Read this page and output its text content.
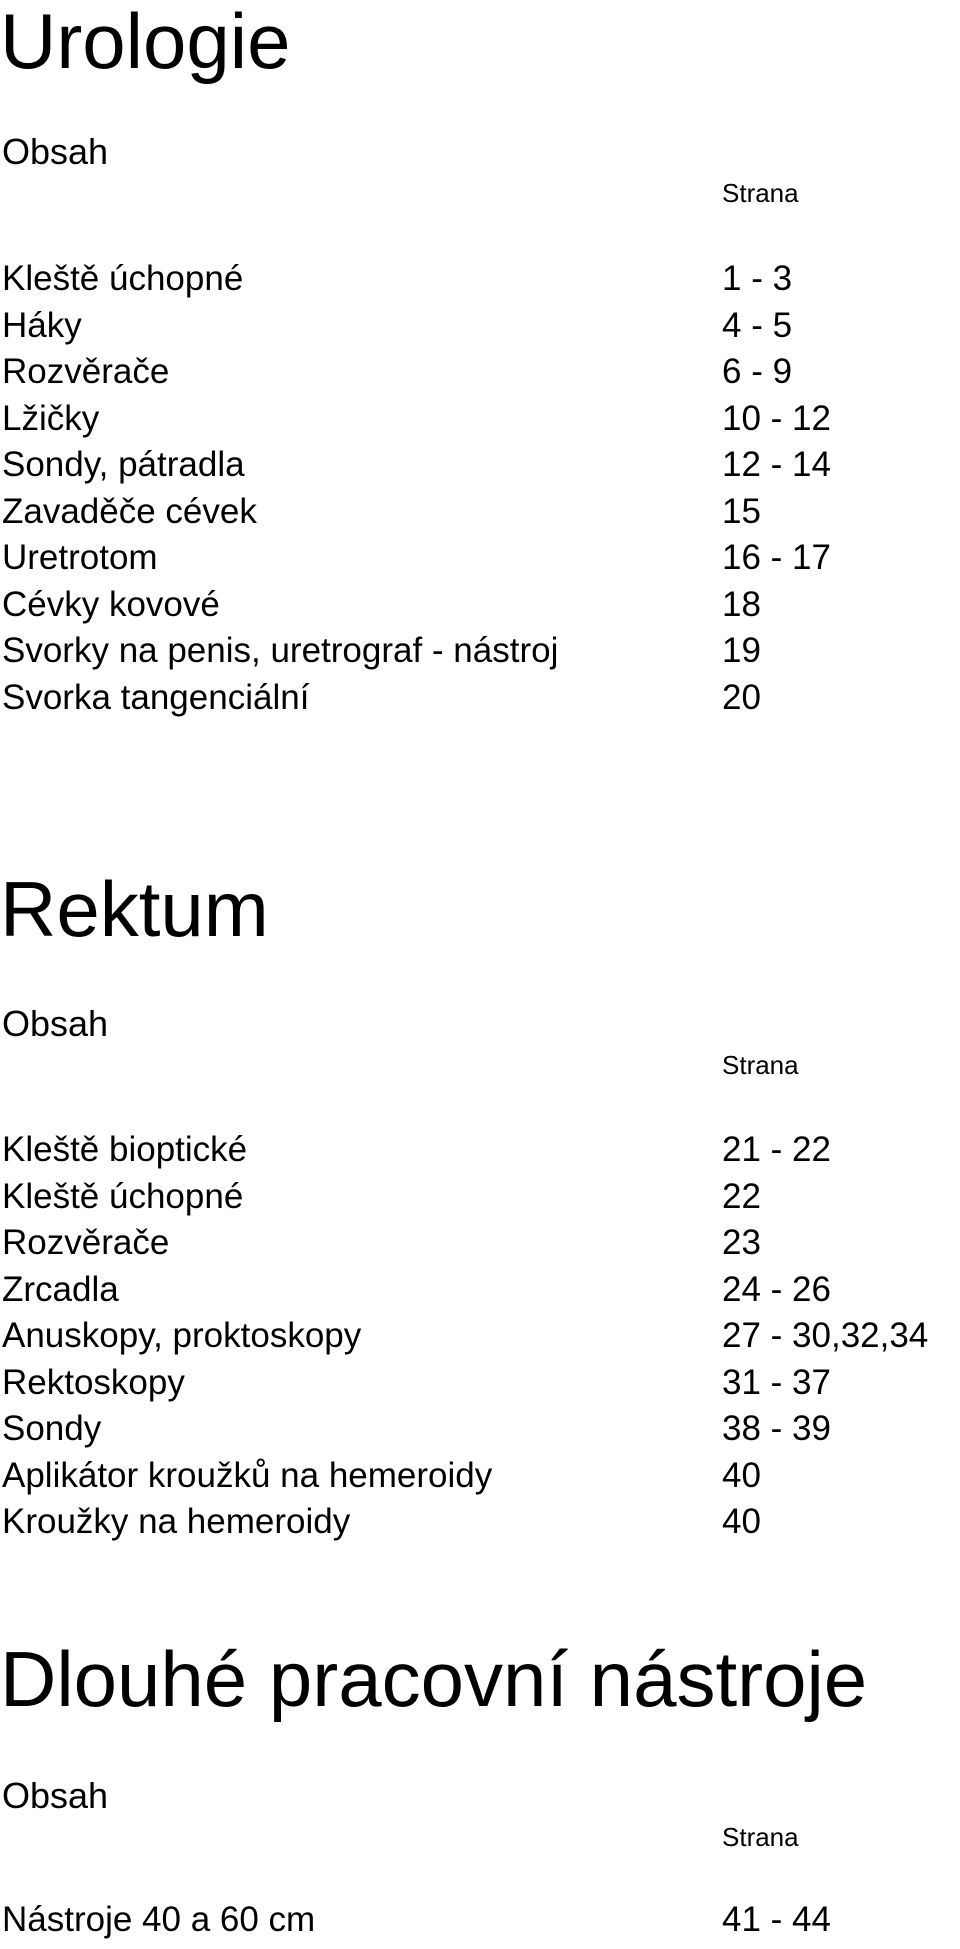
Urologie
Obsah
Strana
Kleště úchopné	1 - 3
Háky	4 - 5
Rozvěrače	6 - 9
Lžičky	10 - 12
Sondy, pátradla	12 - 14
Zavaděče cévek	15
Uretrotom	16 - 17
Cévky kovové	18
Svorky na penis, uretrograf - nástroj	19
Svorka tangenciální	20
Rektum
Obsah
Strana
Kleště bioptické	21 - 22
Kleště úchopné	22
Rozvěrače	23
Zrcadla	24 - 26
Anuskopy, proktoskopy	27 - 30,32,34
Rektoskopy	31 - 37
Sondy	38 - 39
Aplikátor kroužků na hemeroidy	40
Kroužky na hemeroidy	40
Dlouhé pracovní nástroje
Obsah
Strana
Nástroje 40 a 60 cm	41 - 44
